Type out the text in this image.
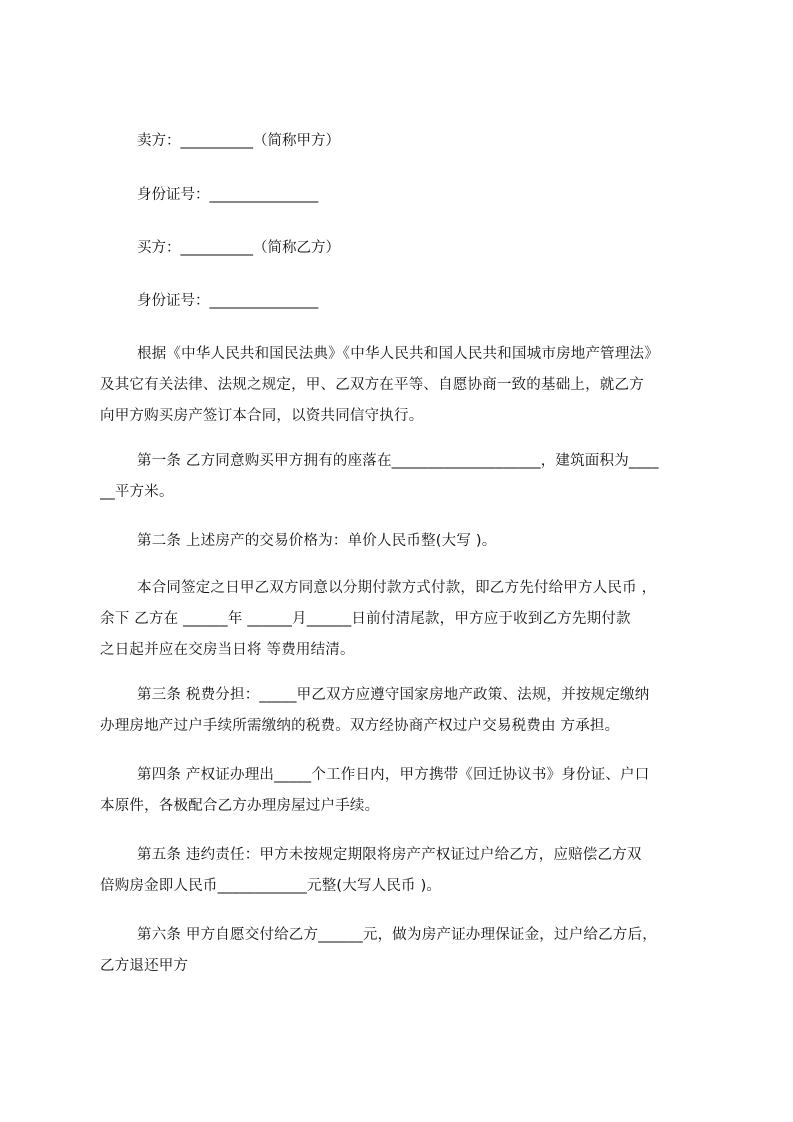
卖方：__________（简称甲方）
身份证号：_______________
买方：__________（简称乙方）
身份证号：_______________
根据《中华人民共和国民法典》《中华人民共和国人民共和国城市房地产管理法》
及其它有关法律、法规之规定，甲、乙双方在平等、自愿协商一致的基础上，就乙方
向甲方购买房产签订本合同，以资共同信守执行。
第一条 乙方同意购买甲方拥有的座落在____________________，建筑面积为____
__平方米。
第二条 上述房产的交易价格为：单价人民币整(大写 )。
本合同签定之日甲乙双方同意以分期付款方式付款，即乙方先付给甲方人民币 ，
余下 乙方在 ______年 ______月______日前付清尾款，甲方应于收到乙方先期付款
之日起并应在交房当日将 等费用结清。
第三条 税费分担：_____甲乙双方应遵守国家房地产政策、法规，并按规定缴纳
办理房地产过户手续所需缴纳的税费。双方经协商产权过户交易税费由 方承担。
第四条 产权证办理出_____个工作日内，甲方携带《回迁协议书》身份证、户口
本原件，各极配合乙方办理房屋过户手续。
第五条 违约责任：甲方未按规定期限将房产产权证过户给乙方，应赔偿乙方双
倍购房金即人民币____________元整(大写人民币 )。
第六条 甲方自愿交付给乙方______元，做为房产证办理保证金，过户给乙方后，
乙方退还甲方
